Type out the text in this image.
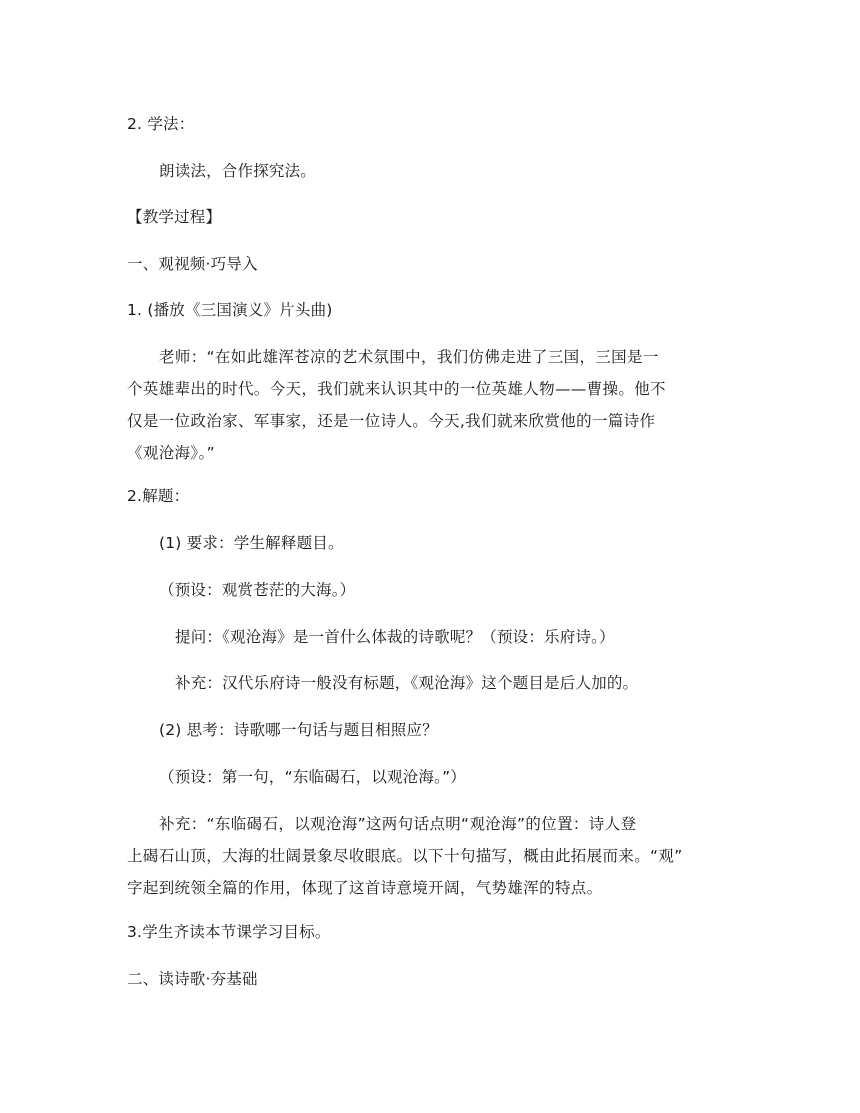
2. 学法：
朗读法，合作探究法。
【教学过程】
一、观视频·巧导入
1. (播放《三国演义》片头曲)
老师：“在如此雄浑苍凉的艺术氛围中，我们仿佛走进了三国，三国是一
个英雄辈出的时代。今天，我们就来认识其中的一位英雄人物——曹操。他不
仅是一位政治家、军事家，还是一位诗人。今天,我们就来欣赏他的一篇诗作
《观沧海》。”
2.解题：
(1) 要求：学生解释题目。
（预设：观赏苍茫的大海。）
提问：《观沧海》是一首什么体裁的诗歌呢？（预设：乐府诗。）
补充：汉代乐府诗一般没有标题，《观沧海》这个题目是后人加的。
(2) 思考：诗歌哪一句话与题目相照应？
（预设：第一句，“东临碣石，以观沧海。”）
补充：“东临碣石，以观沧海”这两句话点明“观沧海”的位置：诗人登
上碣石山顶，大海的壮阔景象尽收眼底。以下十句描写，概由此拓展而来。“观”
字起到统领全篇的作用，体现了这首诗意境开阔，气势雄浑的特点。
3.学生齐读本节课学习目标。
二、读诗歌·夯基础
